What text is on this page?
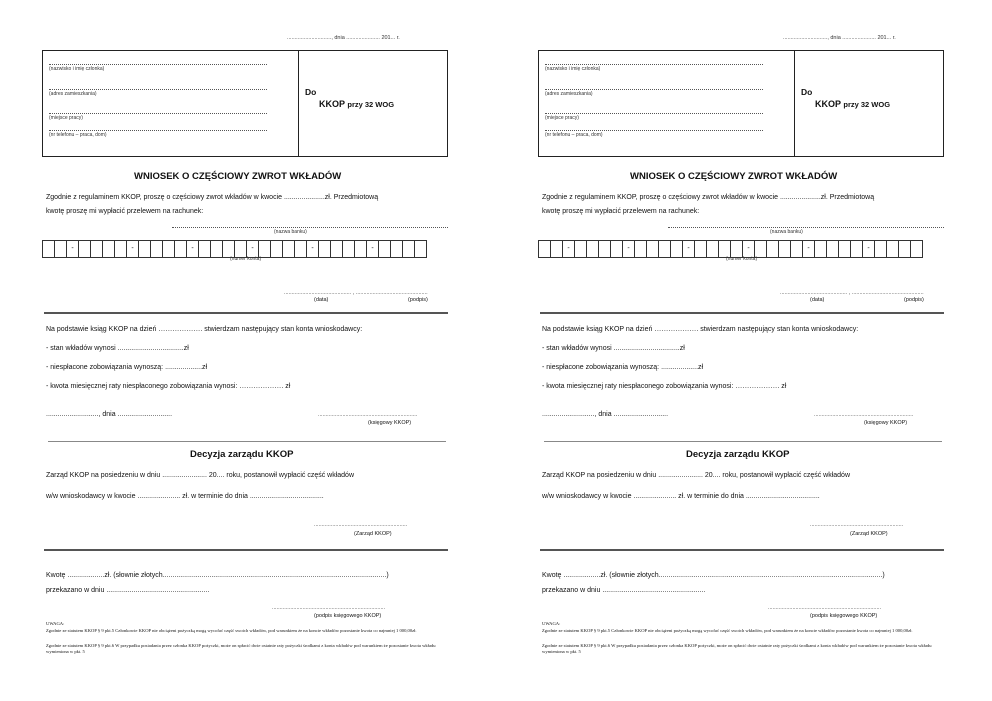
............................., dnia ...................... 201... r.
(nazwisko i imię członka)
(adres zamieszkania)
(miejsce pracy)
(nr telefonu – praca, dom)
Do
KKOP przy 32 WOG
WNIOSEK O CZĘŚCIOWY ZWROT WKŁADÓW
Zgodnie z regulaminem KKOP, proszę o częściowy zwrot wkładów w kwocie .....................zł. Przedmiotową
kwotę proszę mi wypłacić przelewem na rachunek:
(nazwa banku)
-	-	-	-	-	-
(numer konta)
............................................ , ...............................................
(data)	(podpis)
Na podstawie ksiąg KKOP na dzień ………………. stwierdzam następujący stan konta wnioskodawcy:
- stan wkładów wynosi ..................................zł
- niespłacone zobowiązania wynoszą: ...................zł
- kwota miesięcznej raty niespłaconego zobowiązania wynosi: ………………. zł
..........................., dnia ............................	.................................................................
(księgowy KKOP)
Decyzja zarządu KKOP
Zarząd KKOP na posiedzeniu w dniu ....................... 20.... roku, postanowił wypłacić część wkładów
w/w wnioskodawcy w kwocie ...................... zł. w terminie do dnia ......................................
.............................................................
(Zarząd KKOP)
Kwotę ...................zł. (słownie złotych...................................................................................................................)
przekazano w dniu .....................................................
..........................................................................
(podpis księgowego KKOP)
UWAGA:
Zgodnie ze statutem KKOP § 9 pkt.5 Członkowie KKOP nie obciążeni pożyczką mogą wycofać część swoich wkładów, pod warunkiem że na koncie wkładów pozostanie kwota co najmniej 1 000,00zł.
Zgodnie ze statutem KKOP § 9 pkt.6 W przypadku posiadania przez członka KKOP pożyczki, może on spłacić dwie ostatnie raty pożyczki środkami z konta wkładów pod warunkiem że pozostanie kwota wkładu wymieniona w pkt. 5
............................., dnia ...................... 201... r.
(nazwisko i imię członka)
(adres zamieszkania)
(miejsce pracy)
(nr telefonu – praca, dom)
Do
KKOP przy 32 WOG
WNIOSEK O CZĘŚCIOWY ZWROT WKŁADÓW
Zgodnie z regulaminem KKOP, proszę o częściowy zwrot wkładów w kwocie .....................zł. Przedmiotową
kwotę proszę mi wypłacić przelewem na rachunek:
(nazwa banku)
-	-	-	-	-	-
(numer konta)
............................................ , ...............................................
(data)	(podpis)
Na podstawie ksiąg KKOP na dzień ………………. stwierdzam następujący stan konta wnioskodawcy:
- stan wkładów wynosi ..................................zł
- niespłacone zobowiązania wynoszą: ...................zł
- kwota miesięcznej raty niespłaconego zobowiązania wynosi: ………………. zł
..........................., dnia ............................	.................................................................
(księgowy KKOP)
Decyzja zarządu KKOP
Zarząd KKOP na posiedzeniu w dniu ....................... 20.... roku, postanowił wypłacić część wkładów
w/w wnioskodawcy w kwocie ...................... zł. w terminie do dnia ......................................
.............................................................
(Zarząd KKOP)
Kwotę ...................zł. (słownie złotych...................................................................................................................)
przekazano w dniu .....................................................
..........................................................................
(podpis księgowego KKOP)
UWAGA:
Zgodnie ze statutem KKOP § 9 pkt.5 Członkowie KKOP nie obciążeni pożyczką mogą wycofać część swoich wkładów, pod warunkiem że na koncie wkładów pozostanie kwota co najmniej 1 000,00zł.
Zgodnie ze statutem KKOP § 9 pkt.6 W przypadku posiadania przez członka KKOP pożyczki, może on spłacić dwie ostatnie raty pożyczki środkami z konta wkładów pod warunkiem że pozostanie kwota wkładu wymieniona w pkt. 5
